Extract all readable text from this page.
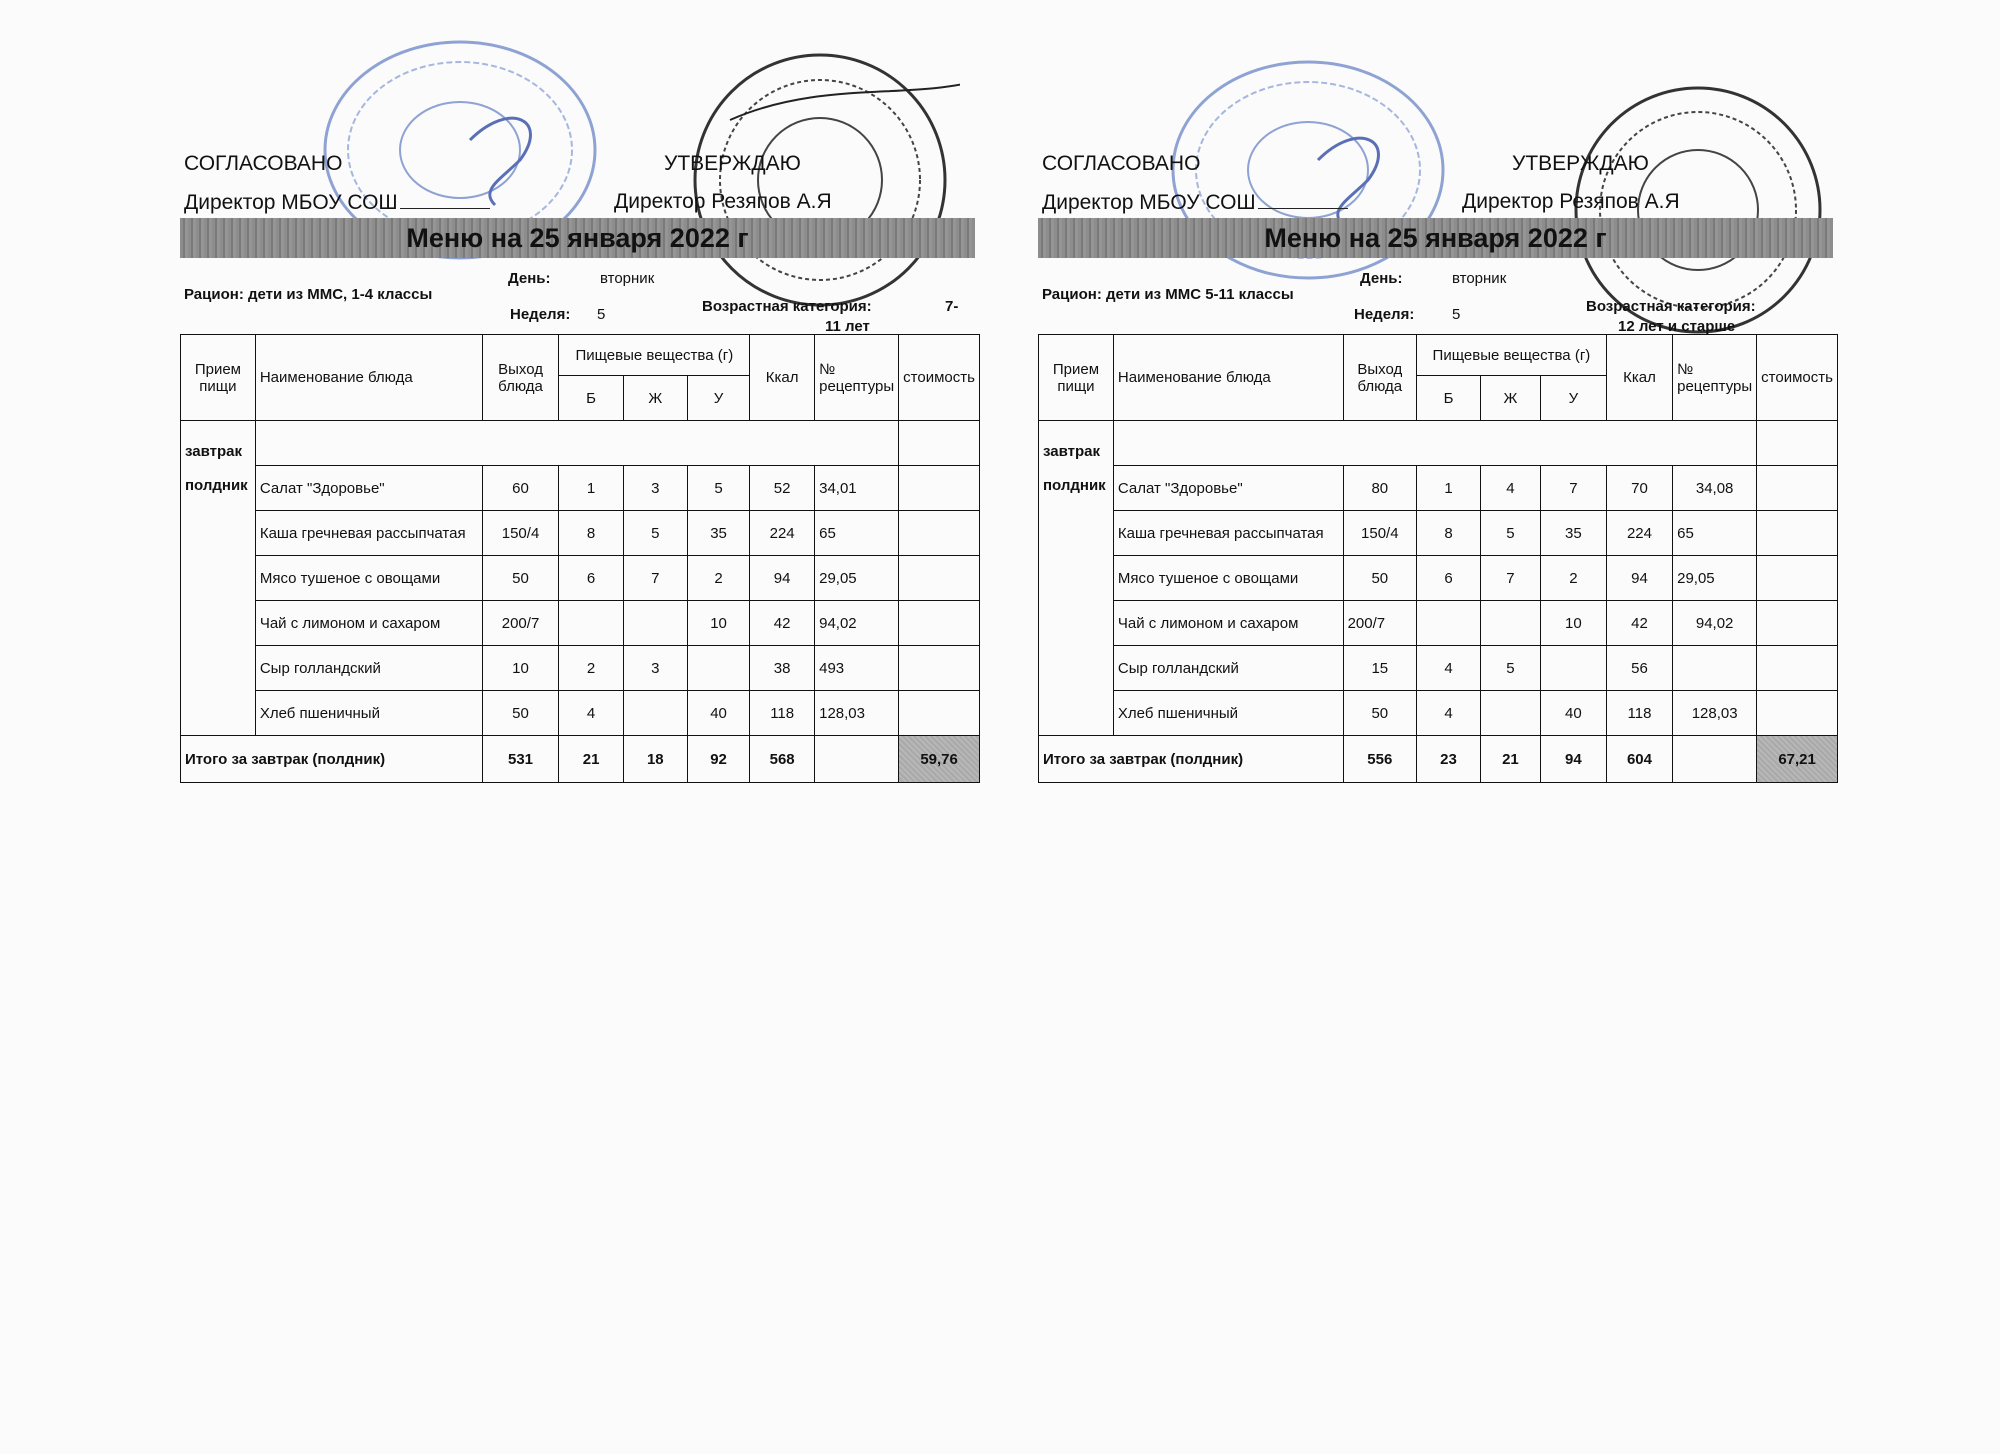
СОГЛАСОВАНО
Директор МБОУ СОШ
УТВЕРЖДАЮ
Директор Резяпов А.Я
Меню на 25 января 2022 г
Рацион: дети из ММС, 1-4 классы
День:	вторник
Неделя: 5	Возрастная категория:	7-
11 лет
Прием пищи	Наименование блюда	Выход блюда	Пищевые вещества (г)			Ккал	№ рецептуры	стоимость
			Б	Ж	У			
завтрак

полдник								
	Салат "Здоровье"	60	1	3	5	52	34,01	
	Каша гречневая рассыпчатая	150/4	8	5	35	224	65	
	Мясо тушеное с овощами	50	6	7	2	94	29,05	
	Чай с лимоном и сахаром	200/7			10	42	94,02	
	Сыр голландский	10	2	3		38	493	
	Хлеб пшеничный	50	4		40	118	128,03	
Итого за завтрак (полдник)		531	21	18	92	568		59,76
СОГЛАСОВАНО
Директор МБОУ СОШ
УТВЕРЖДАЮ
Директор Резяпов А.Я
Меню на 25 января 2022 г
Рацион: дети из ММС 5-11 классы
День:	вторник
Неделя:	5	Возрастная категория:
12 лет и старше
Прием пищи	Наименование блюда	Выход блюда	Пищевые вещества (г)			Ккал	№ рецептуры	стоимость
			Б	Ж	У			
завтрак

полдник								
	Салат "Здоровье"	80	1	4	7	70	34,08	
	Каша гречневая рассыпчатая	150/4	8	5	35	224	65	
	Мясо тушеное с овощами	50	6	7	2	94	29,05	
	Чай с лимоном и сахаром	200/7			10	42	94,02	
	Сыр голландский	15	4	5		56		
	Хлеб пшеничный	50	4		40	118	128,03	
Итого за завтрак (полдник)		556	23	21	94	604		67,21
